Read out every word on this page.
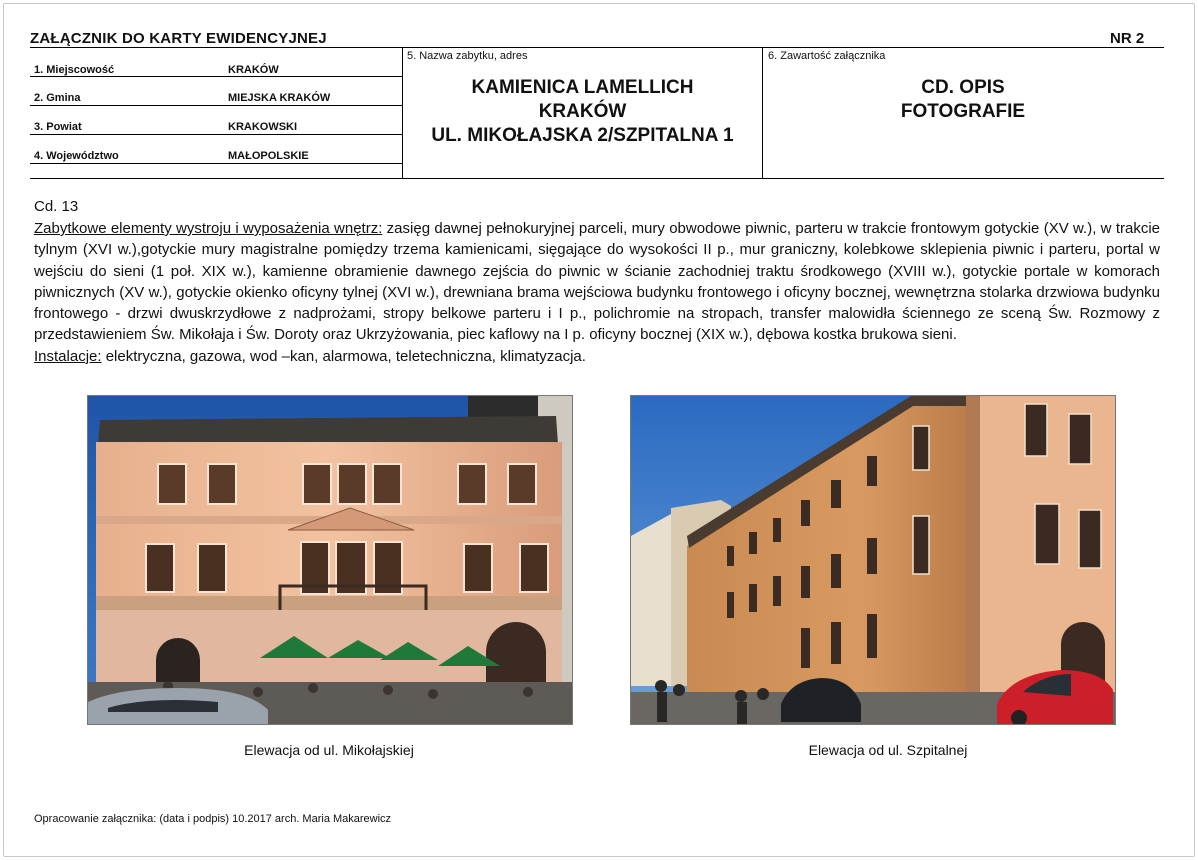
ZAŁĄCZNIK DO KARTY EWIDENCYJNEJ	NR 2
1. Miejscowość	KRAKÓW
2. Gmina	MIEJSKA KRAKÓW
3. Powiat	KRAKOWSKI
4. Województwo	MAŁOPOLSKIE
5. Nazwa zabytku, adres
KAMIENICA LAMELLICH
KRAKÓW
UL. MIKOŁAJSKA 2/SZPITALNA 1
6. Zawartość załącznika
CD. OPIS
FOTOGRAFIE
Cd. 13
Zabytkowe elementy wystroju i wyposażenia wnętrz: zasięg dawnej pełnokuryjnej parceli, mury obwodowe piwnic, parteru w trakcie frontowym gotyckie (XV w.), w trakcie tylnym (XVI w.),gotyckie mury magistralne pomiędzy trzema kamienicami, sięgające do wysokości II p., mur graniczny, kolebkowe sklepienia piwnic i parteru, portal w wejściu do sieni (1 poł. XIX w.), kamienne obramienie dawnego zejścia do piwnic w ścianie zachodniej traktu środkowego (XVIII w.), gotyckie portale w komorach piwnicznych (XV w.), gotyckie okienko oficyny tylnej (XVI w.), drewniana brama wejściowa budynku frontowego i oficyny bocznej, wewnętrzna stolarka drzwiowa budynku frontowego - drzwi dwuskrzydłowe z nadprożami, stropy belkowe parteru i I p., polichromie na stropach, transfer malowidła ściennego ze sceną Św. Rozmowy z przedstawieniem Św. Mikołaja i Św. Doroty oraz Ukrzyżowania, piec kaflowy na I p. oficyny bocznej (XIX w.), dębowa kostka brukowa sieni.
Instalacje: elektryczna, gazowa, wod –kan, alarmowa, teletechniczna, klimatyzacja.
Elewacja od ul. Mikołajskiej	Elewacja od ul. Szpitalnej
Opracowanie załącznika: (data i podpis) 10.2017 arch. Maria Makarewicz
